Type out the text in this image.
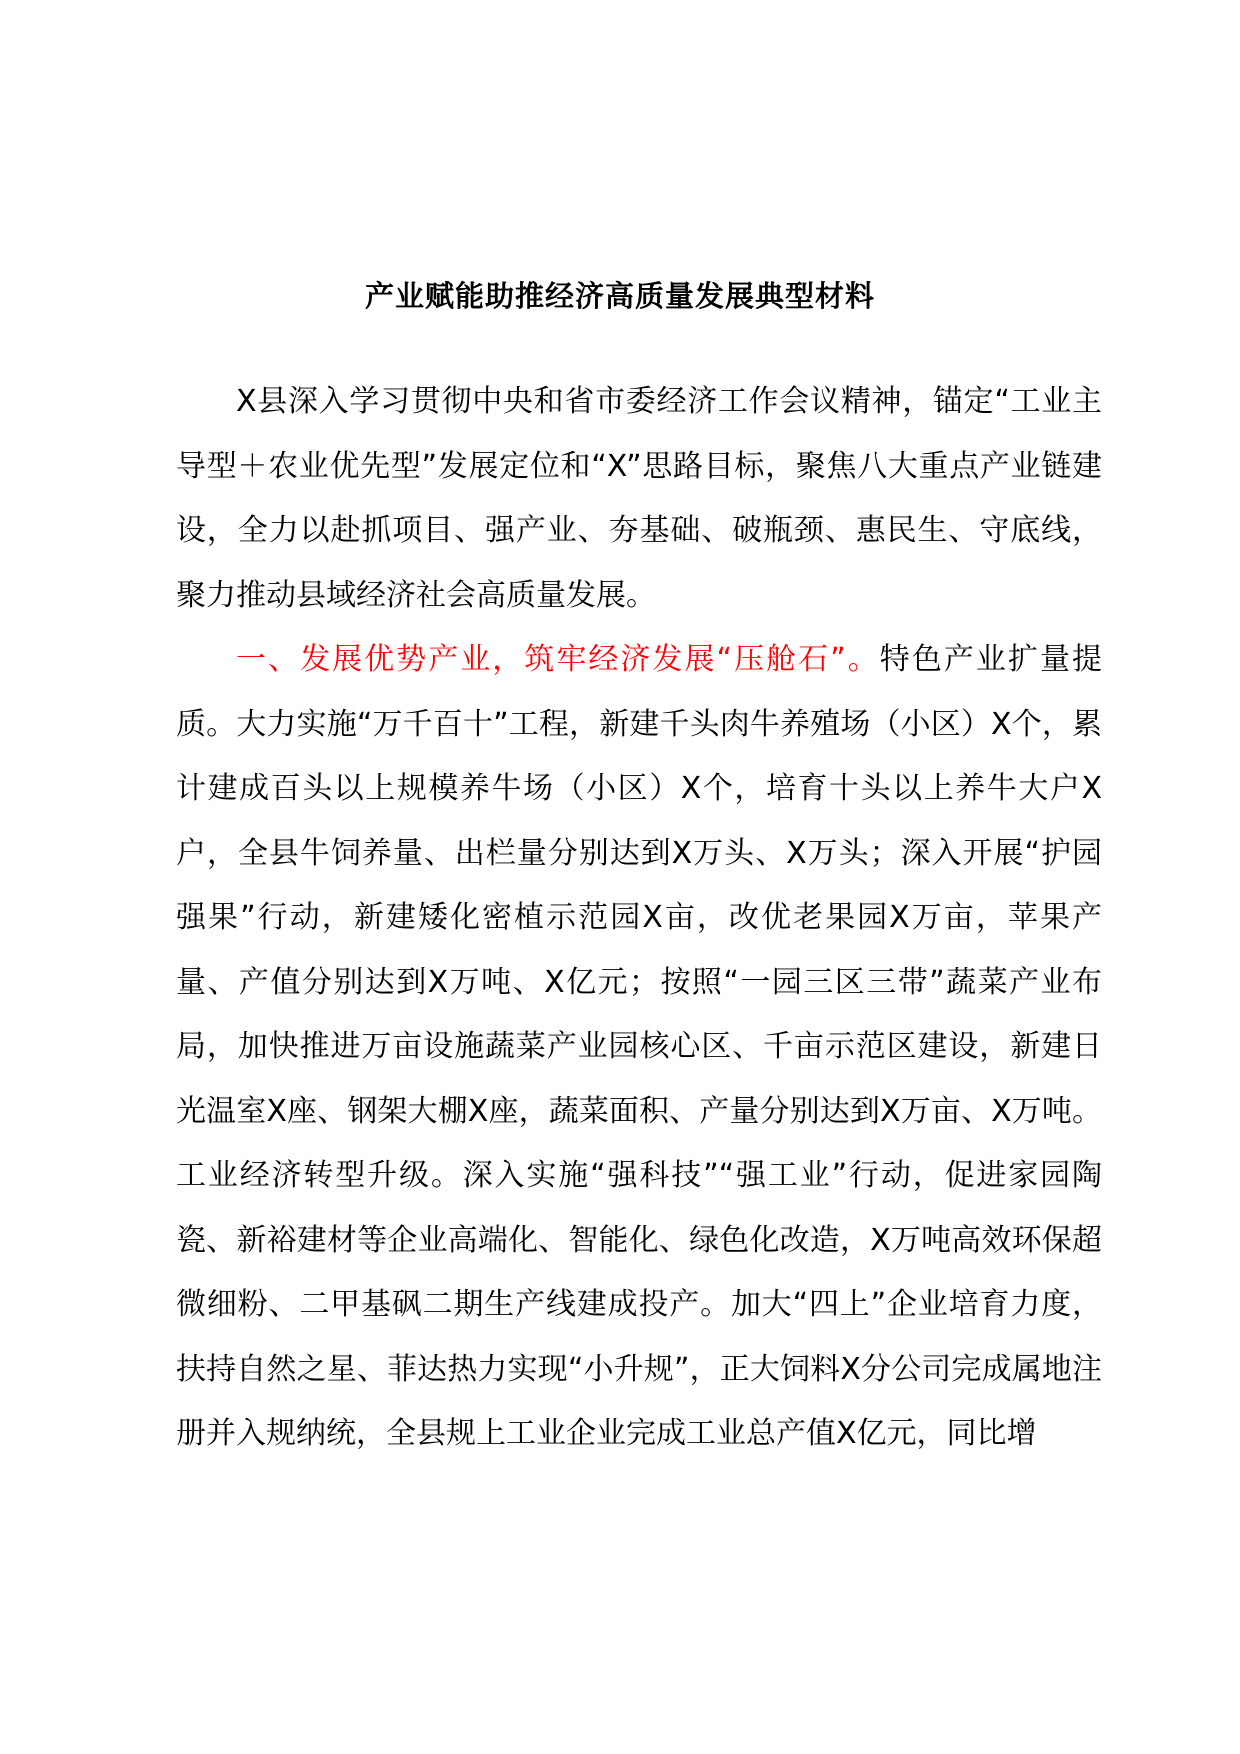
产业赋能助推经济高质量发展典型材料

X县深入学习贯彻中央和省市委经济工作会议精神，锚定“工业主导型＋农业优先型”发展定位和“X”思路目标，聚焦八大重点产业链建设，全力以赴抓项目、强产业、夯基础、破瓶颈、惠民生、守底线，聚力推动县域经济社会高质量发展。

一、发展优势产业，筑牢经济发展“压舱石”。特色产业扩量提质。大力实施“万千百十”工程，新建千头肉牛养殖场（小区）X个，累计建成百头以上规模养牛场（小区）X个，培育十头以上养牛大户X户，全县牛饲养量、出栏量分别达到X万头、X万头；深入开展“护园强果”行动，新建矮化密植示范园X亩，改优老果园X万亩，苹果产量、产值分别达到X万吨、X亿元；按照“一园三区三带”蔬菜产业布局，加快推进万亩设施蔬菜产业园核心区、千亩示范区建设，新建日光温室X座、钢架大棚X座，蔬菜面积、产量分别达到X万亩、X万吨。工业经济转型升级。深入实施“强科技”“强工业”行动，促进家园陶瓷、新裕建材等企业高端化、智能化、绿色化改造，X万吨高效环保超微细粉、二甲基砜二期生产线建成投产。加大“四上”企业培育力度，扶持自然之星、菲达热力实现“小升规”，正大饲料X分公司完成属地注册并入规纳统，全县规上工业企业完成工业总产值X亿元，同比增
